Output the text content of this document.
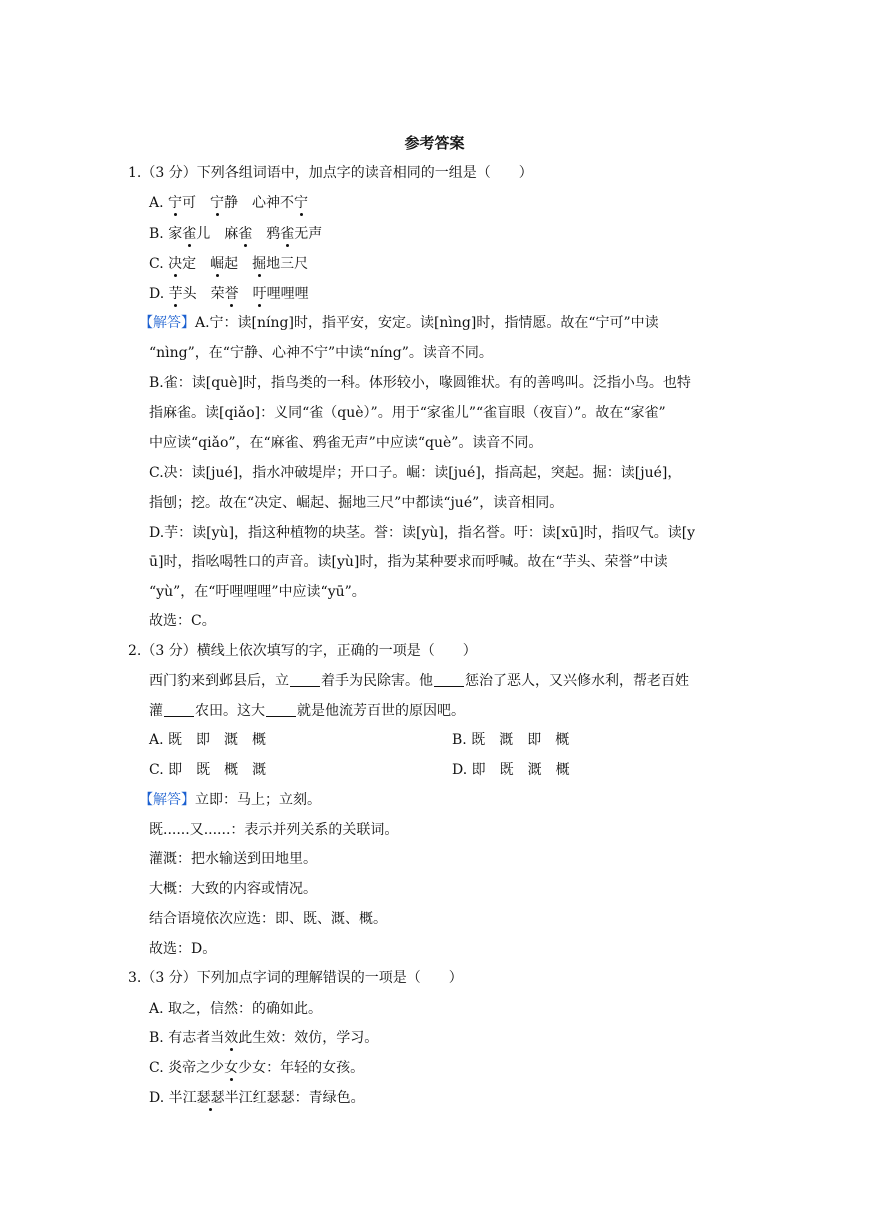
参考答案
1.（3 分）下列各组词语中，加点字的读音相同的一组是（　　）
A. 宁可 宁静 心神不宁
B. 家雀儿 麻雀 鸦雀无声
C. 决定 崛起 掘地三尺
D. 芋头 荣誉 吁哩哩哩
【解答】A.宁：读[níng]时，指平安，安定。读[nìng]时，指情愿。故在“宁可”中读
“nìng”，在“宁静、心神不宁”中读“níng”。读音不同。
B.雀：读[què]时，指鸟类的一科。体形较小，喙圆锥状。有的善鸣叫。泛指小鸟。也特
指麻雀。读[qiǎo]：义同“雀（què）”。用于“家雀儿”“雀盲眼（夜盲）”。故在“家雀”
中应读“qiǎo”，在“麻雀、鸦雀无声”中应读“què”。读音不同。
C.决：读[jué]，指水冲破堤岸；开口子。崛：读[jué]，指高起，突起。掘：读[jué]，
指刨；挖。故在“决定、崛起、掘地三尺”中都读“jué”，读音相同。
D.芋：读[yù]，指这种植物的块茎。誉：读[yù]，指名誉。吁：读[xū]时，指叹气。读[y
ū]时，指吆喝牲口的声音。读[yù]时，指为某种要求而呼喊。故在“芋头、荣誉”中读
“yù”，在“吁哩哩哩”中应读“yū”。
故选：C。
2.（3 分）横线上依次填写的字，正确的一项是（　　）
西门豹来到邺县后，立 着手为民除害。他 惩治了恶人，又兴修水利，帮老百姓
灌 农田。这大 就是他流芳百世的原因吧。
A. 既　即　溉　概	B. 既　溉　即　概
C. 即　既　概　溉	D. 即　既　溉　概
【解答】立即：马上；立刻。
既......又......：表示并列关系的关联词。
灌溉：把水输送到田地里。
大概：大致的内容或情况。
结合语境依次应选：即、既、溉、概。
故选：D。
3.（3 分）下列加点字词的理解错误的一项是（　　）
A. 取之，信然：的确如此。
B. 有志者当效此生效：效仿，学习。
C. 炎帝之少女少女：年轻的女孩。
D. 半江瑟瑟半江红瑟瑟：青绿色。
